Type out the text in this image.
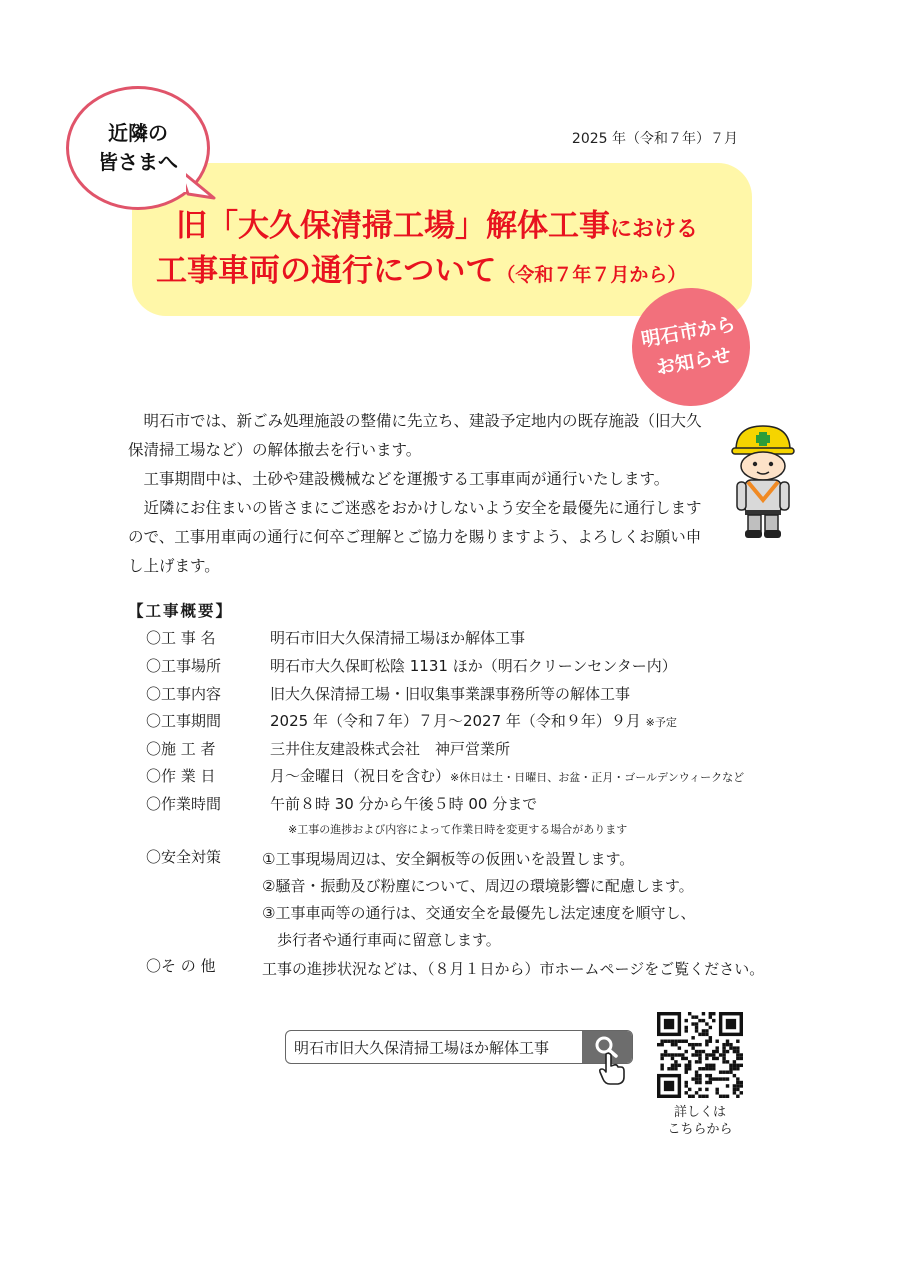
近隣の
皆さまへ
2025 年（令和７年）７月
旧「大久保清掃工場」解体工事における
工事車両の通行について（令和７年７月から）
明石市から
お知らせ

明石市では、新ごみ処理施設の整備に先立ち、建設予定地内の既存施設（旧大久保清掃工場など）の解体撤去を行います。

工事期間中は、土砂や建設機械などを運搬する工事車両が通行いたします。

近隣にお住まいの皆さまにご迷惑をおかけしないよう安全を最優先に通行しますので、工事用車両の通行に何卒ご理解とご協力を賜りますよう、よろしくお願い申し上げます。

【工事概要】
〇工 事 名	明石市旧大久保清掃工場ほか解体工事
〇工事場所	明石市大久保町松陰 1131 ほか（明石クリーンセンター内）
〇工事内容	旧大久保清掃工場・旧収集事業課事務所等の解体工事
〇工事期間	2025 年（令和７年）７月～2027 年（令和９年）９月 ※予定
〇施 工 者	三井住友建設株式会社　神戸営業所
〇作 業 日	月～金曜日（祝日を含む）※休日は土・日曜日、お盆・正月・ゴールデンウィークなど
〇作業時間	午前８時 30 分から午後５時 00 分まで
※工事の進捗および内容によって作業日時を変更する場合があります
〇安全対策	①工事現場周辺は、安全鋼板等の仮囲いを設置します。
②騒音・振動及び粉塵について、周辺の環境影響に配慮します。
③工事車両等の通行は、交通安全を最優先し法定速度を順守し、
　歩行者や通行車両に留意します。
〇そ の 他	工事の進捗状況などは、（８月１日から）市ホームページをご覧ください。
明石市旧大久保清掃工場ほか解体工事
詳しくは
こちらから
